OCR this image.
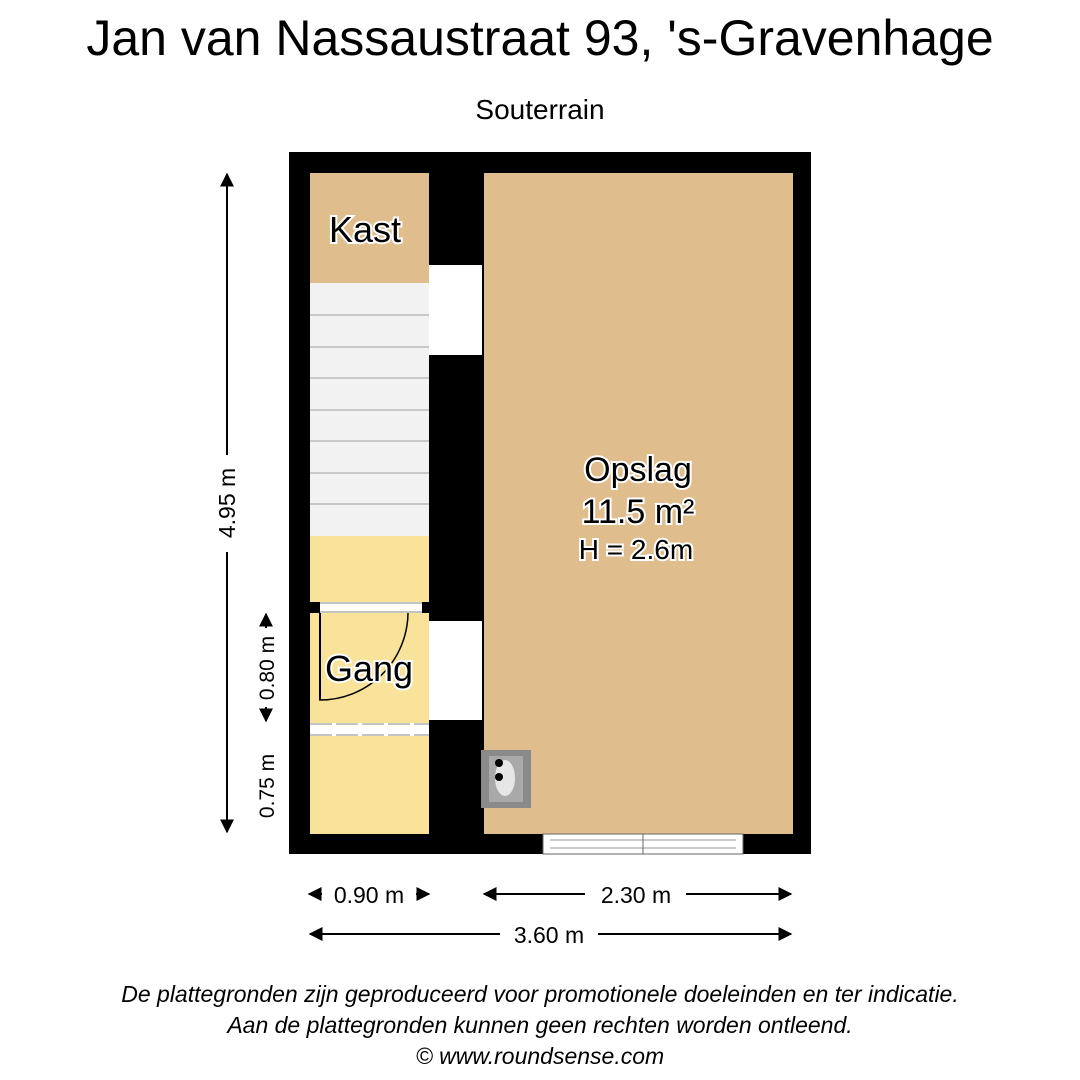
Jan van Nassaustraat 93, 's-Gravenhage
Souterrain
Kast
Gang
Opslag
11.5 m²
H = 2.6m
4.95 m
0.80 m
0.75 m
0.90 m	2.30 m
3.60 m
De plattegronden zijn geproduceerd voor promotionele doeleinden en ter indicatie.
Aan de plattegronden kunnen geen rechten worden ontleend.
© www.roundsense.com
